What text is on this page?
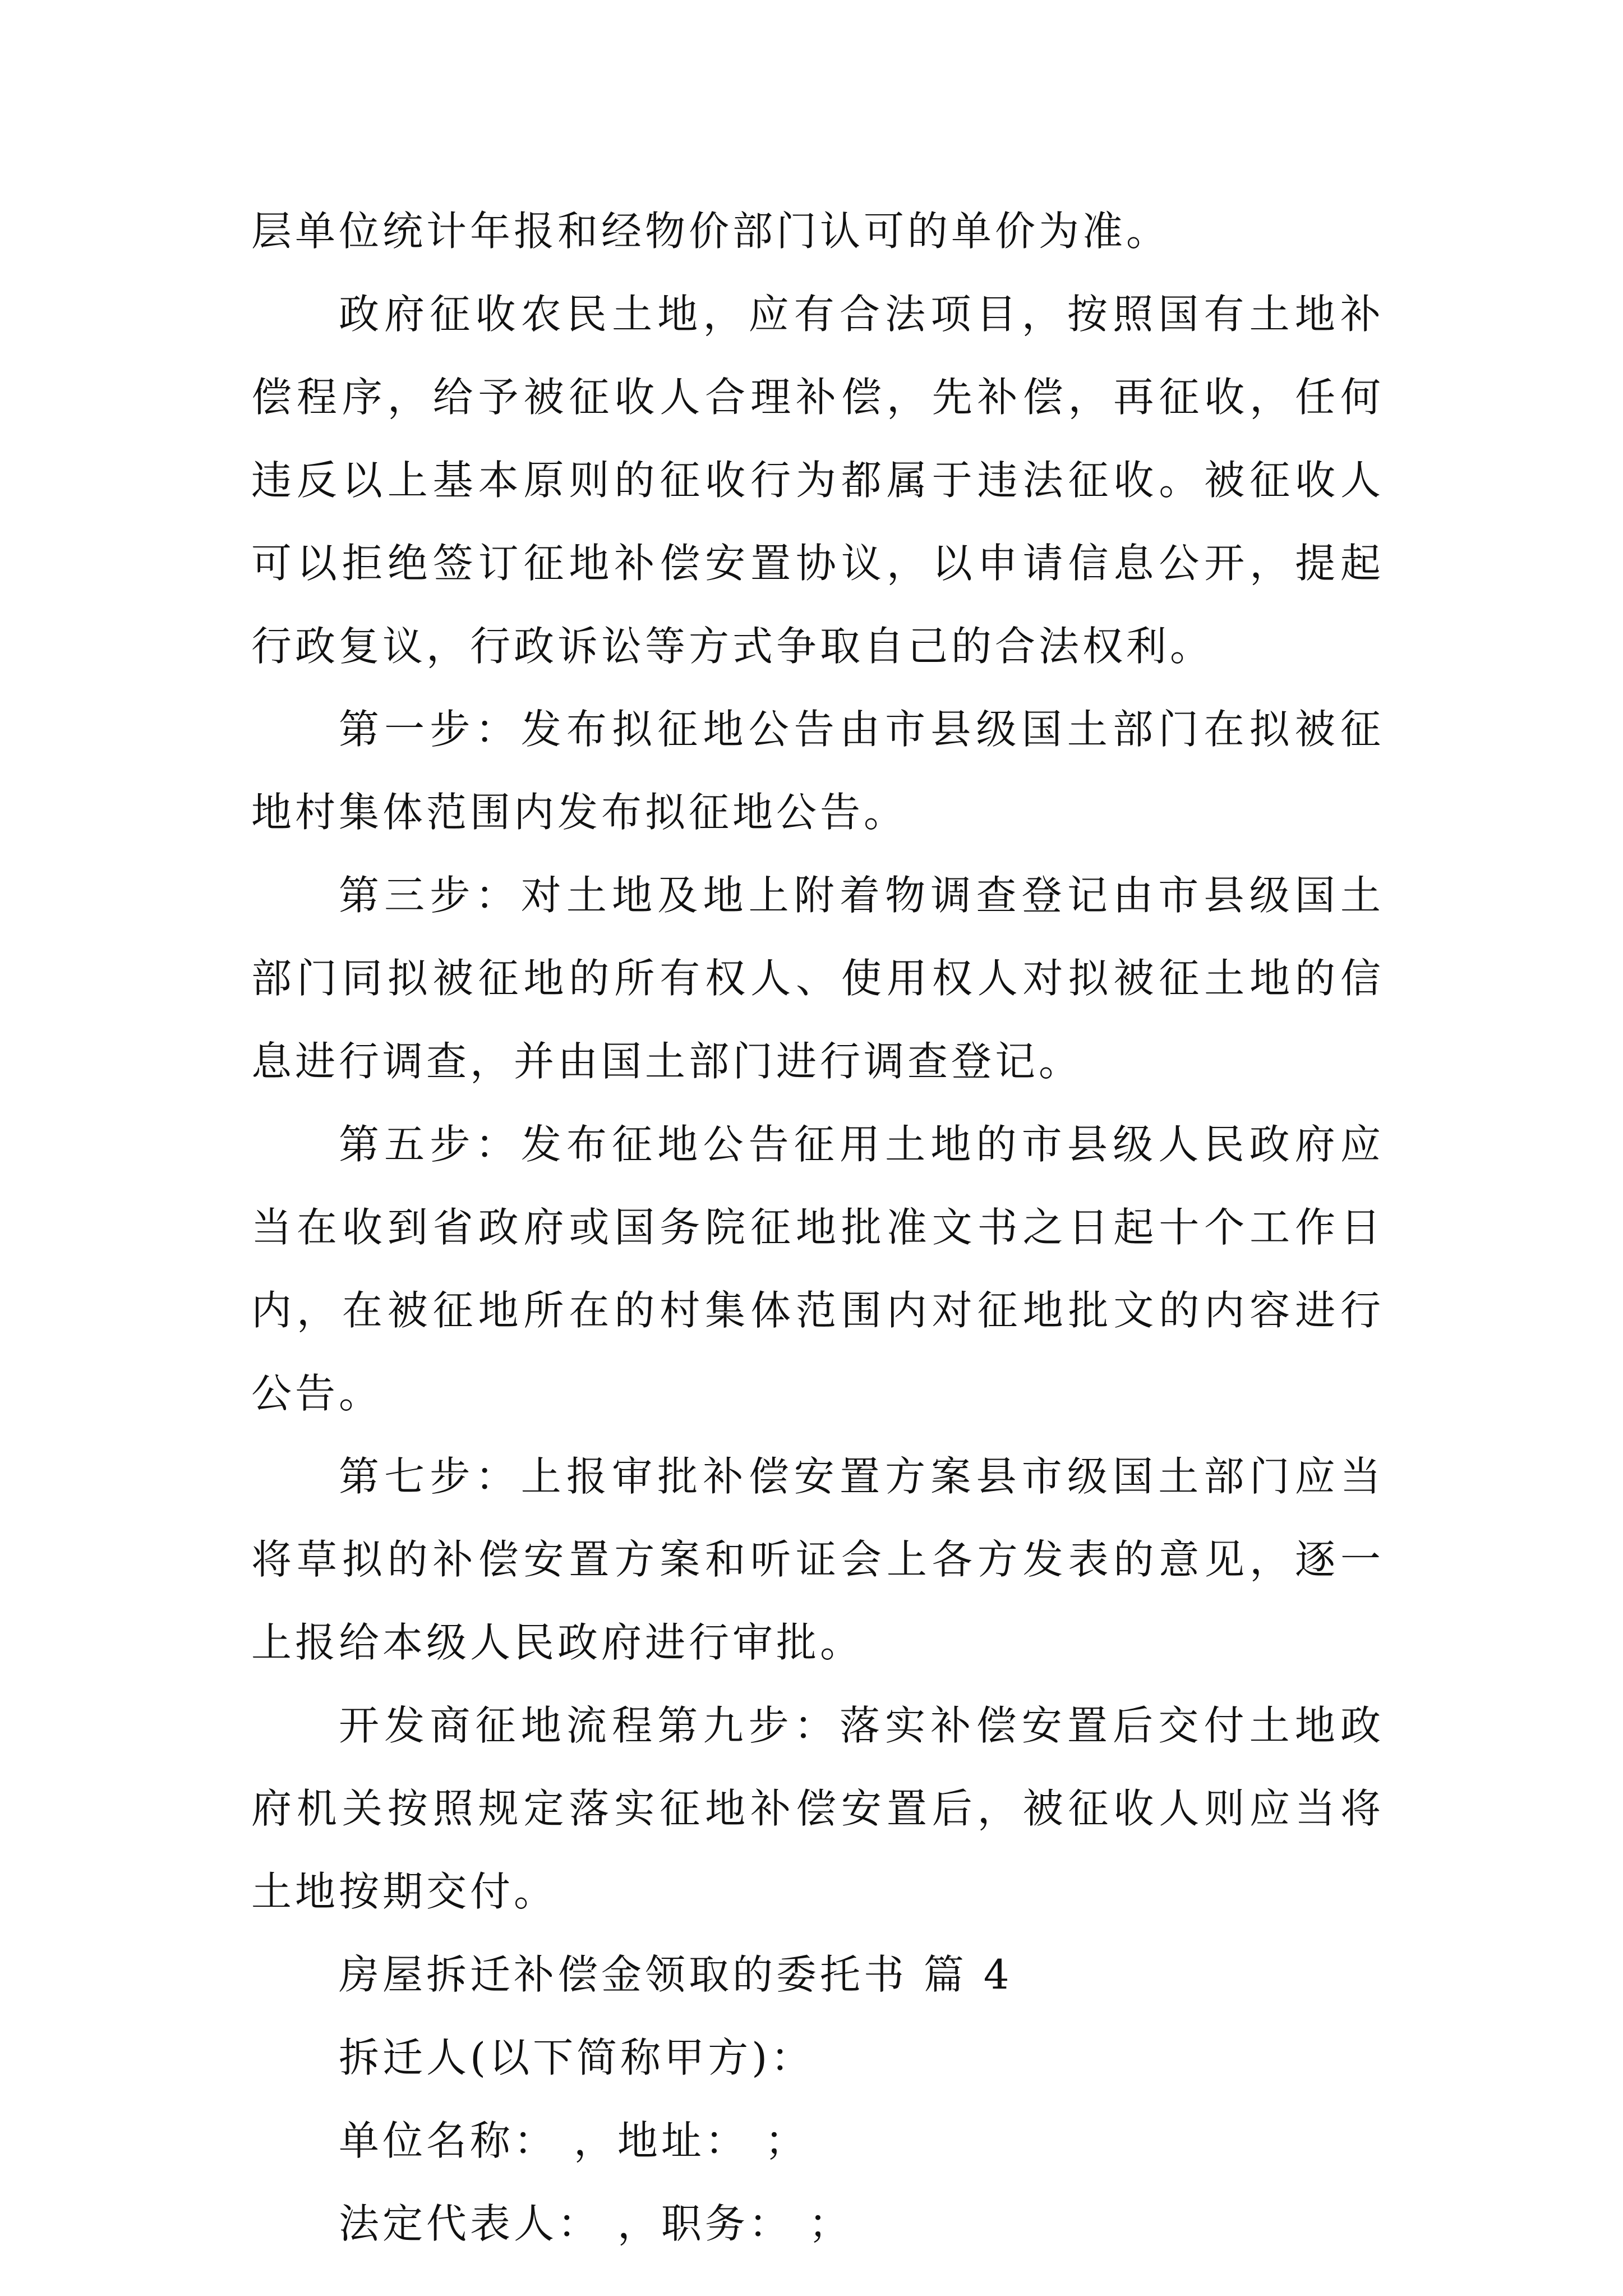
层单位统计年报和经物价部门认可的单价为准。

政府征收农民土地，应有合法项目，按照国有土地补偿程序，给予被征收人合理补偿，先补偿，再征收，任何违反以上基本原则的征收行为都属于违法征收。被征收人可以拒绝签订征地补偿安置协议，以申请信息公开，提起行政复议，行政诉讼等方式争取自己的合法权利。

第一步：发布拟征地公告由市县级国土部门在拟被征地村集体范围内发布拟征地公告。

第三步：对土地及地上附着物调查登记由市县级国土部门同拟被征地的所有权人、使用权人对拟被征土地的信息进行调查，并由国土部门进行调查登记。

第五步：发布征地公告征用土地的市县级人民政府应当在收到省政府或国务院征地批准文书之日起十个工作日内，在被征地所在的村集体范围内对征地批文的内容进行公告。

第七步：上报审批补偿安置方案县市级国土部门应当将草拟的补偿安置方案和听证会上各方发表的意见，逐一上报给本级人民政府进行审批。

开发商征地流程第九步：落实补偿安置后交付土地政府机关按照规定落实征地补偿安置后，被征收人则应当将土地按期交付。

房屋拆迁补偿金领取的委托书 篇 4

拆迁人(以下简称甲方)：

单位名称： ，地址： ；

法定代表人： ，职务： ；
